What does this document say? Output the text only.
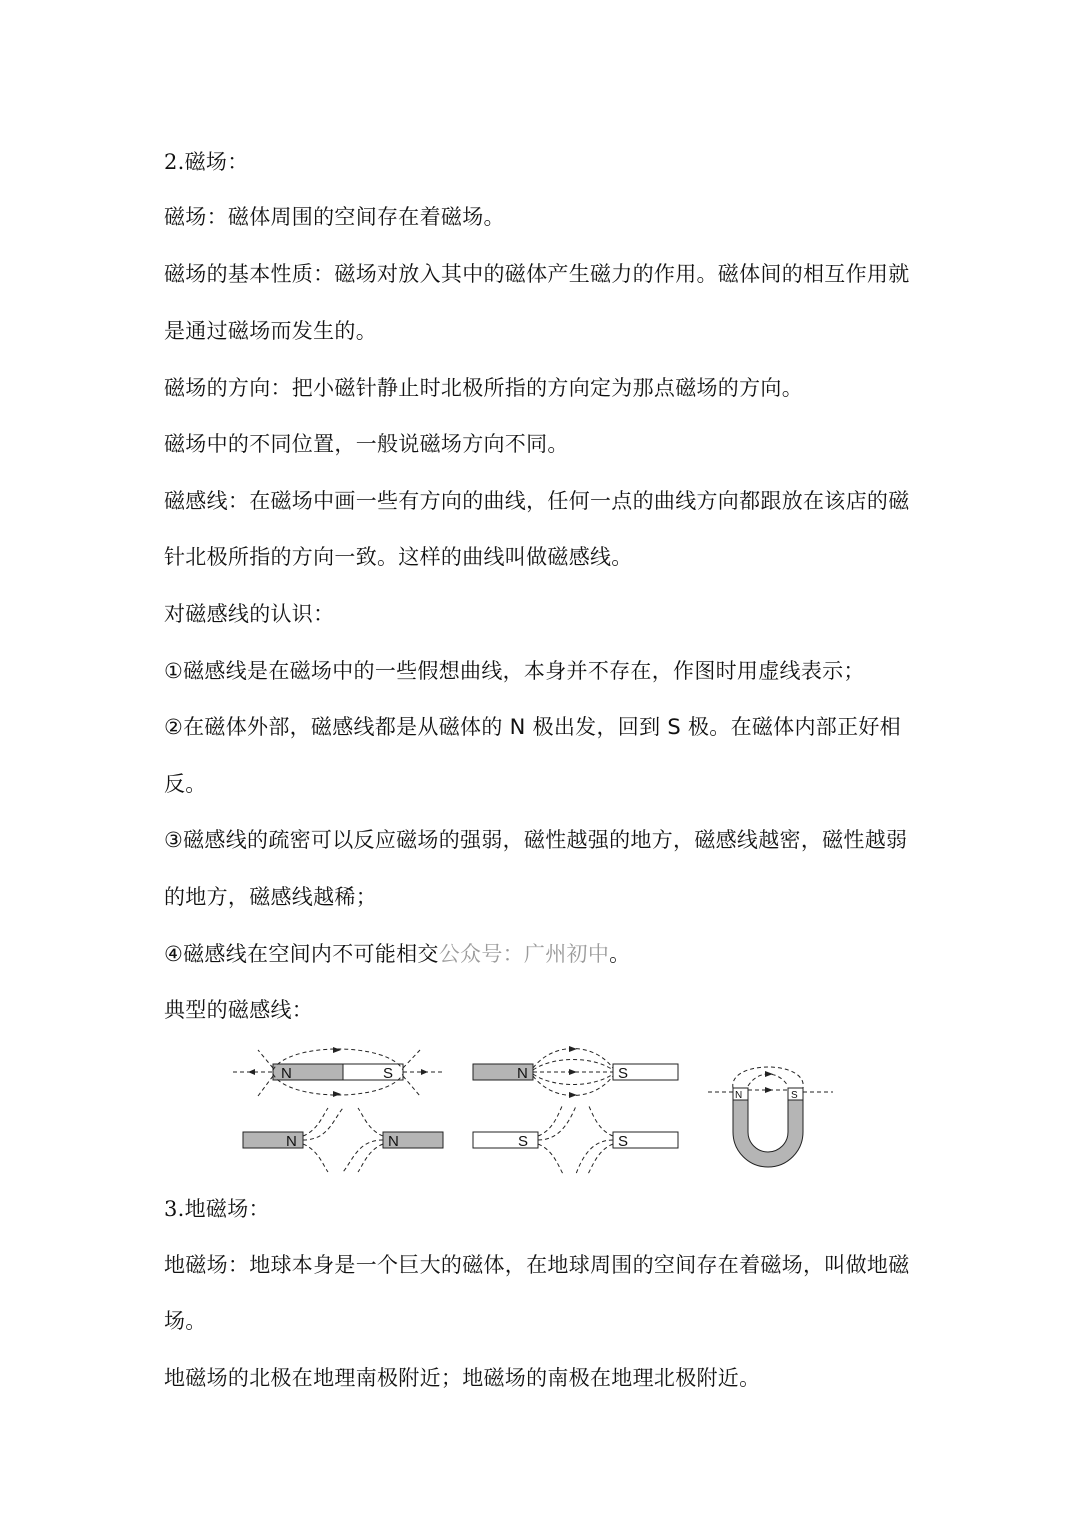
2.磁场：
磁场：磁体周围的空间存在着磁场。
磁场的基本性质：磁场对放入其中的磁体产生磁力的作用。磁体间的相互作用就
是通过磁场而发生的。
磁场的方向：把小磁针静止时北极所指的方向定为那点磁场的方向。
磁场中的不同位置，一般说磁场方向不同。
磁感线：在磁场中画一些有方向的曲线，任何一点的曲线方向都跟放在该店的磁
针北极所指的方向一致。这样的曲线叫做磁感线。
对磁感线的认识：
①磁感线是在磁场中的一些假想曲线，本身并不存在，作图时用虚线表示；
②在磁体外部，磁感线都是从磁体的 N 极出发，回到 S 极。在磁体内部正好相
反。
③磁感线的疏密可以反应磁场的强弱，磁性越强的地方，磁感线越密，磁性越弱
的地方，磁感线越稀；
④磁感线在空间内不可能相交公众号：广州初中。
典型的磁感线：
N	S	N	S
N	S
N	N	S	S
3.地磁场：
地磁场：地球本身是一个巨大的磁体，在地球周围的空间存在着磁场，叫做地磁
场。
地磁场的北极在地理南极附近；地磁场的南极在地理北极附近。
